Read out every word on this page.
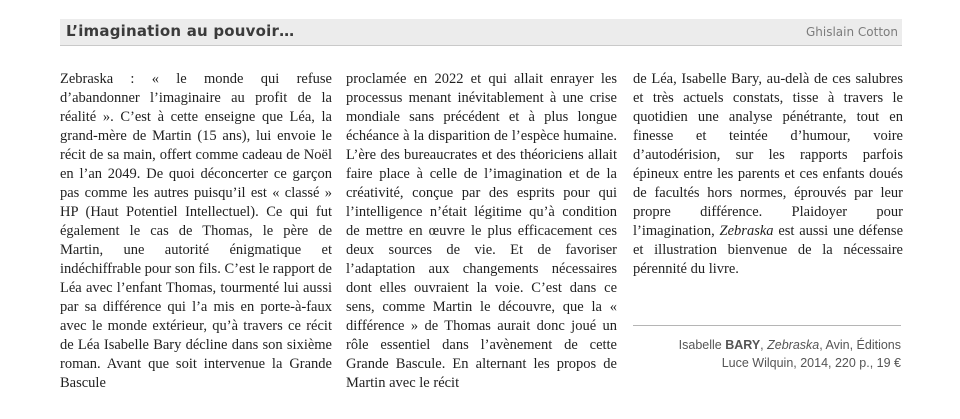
L’imagination au pouvoir…	Ghislain Cotton

Zebraska : « le monde qui refuse d’abandonner l’imaginaire au profit de la réalité ». C’est à cette enseigne que Léa, la grand-mère de Martin (15 ans), lui envoie le récit de sa main, offert comme cadeau de Noël en l’an 2049. De quoi déconcerter ce garçon pas comme les autres puisqu’il est « classé » HP (Haut Potentiel Intellectuel). Ce qui fut également le cas de Thomas, le père de Martin, une autorité énigmatique et indéchiffrable pour son fils. C’est le rapport de Léa avec l’enfant Thomas, tourmenté lui aussi par sa différence qui l’a mis en porte-à-faux avec le monde extérieur, qu’à travers ce récit de Léa Isabelle Bary décline dans son sixième roman. Avant que soit intervenue la Grande Bascule

proclamée en 2022 et qui allait enrayer les processus menant inévitablement à une crise mondiale sans précédent et à plus longue échéance à la disparition de l’espèce humaine. L’ère des bureaucrates et des théoriciens allait faire place à celle de l’imagination et de la créativité, conçue par des esprits pour qui l’intelligence n’était légitime qu’à condition de mettre en œuvre le plus efficacement ces deux sources de vie. Et de favoriser l’adaptation aux changements nécessaires dont elles ouvraient la voie. C’est dans ce sens, comme Martin le découvre, que la « différence » de Thomas aurait donc joué un rôle essentiel dans l’avènement de cette Grande Bascule. En alternant les propos de Martin avec le récit

de Léa, Isabelle Bary, au-delà de ces salubres et très actuels constats, tisse à travers le quotidien une analyse pénétrante, tout en finesse et teintée d’humour, voire d’autodérision, sur les rapports parfois épineux entre les parents et ces enfants doués de facultés hors normes, éprouvés par leur propre différence. Plaidoyer pour l’imagination, Zebraska est aussi une défense et illustration bienvenue de la nécessaire pérennité du livre.

Isabelle BARY, Zebraska, Avin, Éditions
Luce Wilquin, 2014, 220 p., 19 €
